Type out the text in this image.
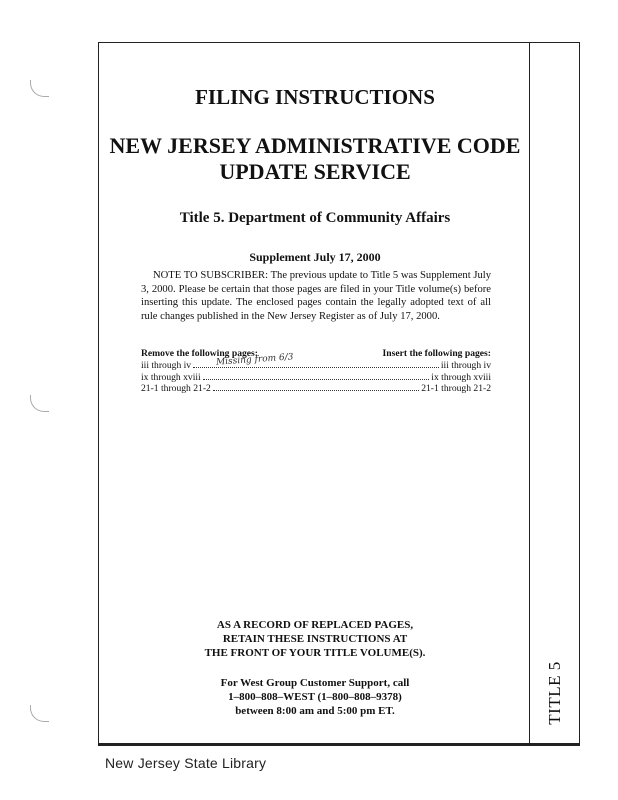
FILING INSTRUCTIONS
NEW JERSEY ADMINISTRATIVE CODE
UPDATE SERVICE
Title 5. Department of Community Affairs
Supplement July 17, 2000

NOTE TO SUBSCRIBER: The previous update to Title 5 was Supplement July 3, 2000. Please be certain that those pages are filed in your Title volume(s) before inserting this update. The enclosed pages contain the legally adopted text of all rule changes published in the New Jersey Register as of July 17, 2000.

Remove the following pages:	Insert the following pages:
iii through iv	iii through iv
ix through xviii	ix through xviii
21-1 through 21-2	21-1 through 21-2
Missing from 6/3
AS A RECORD OF REPLACED PAGES,
RETAIN THESE INSTRUCTIONS AT
THE FRONT OF YOUR TITLE VOLUME(S).
For West Group Customer Support, call
1–800–808–WEST (1–800–808–9378)
between 8:00 am and 5:00 pm ET.	TITLE 5
New Jersey State Library
